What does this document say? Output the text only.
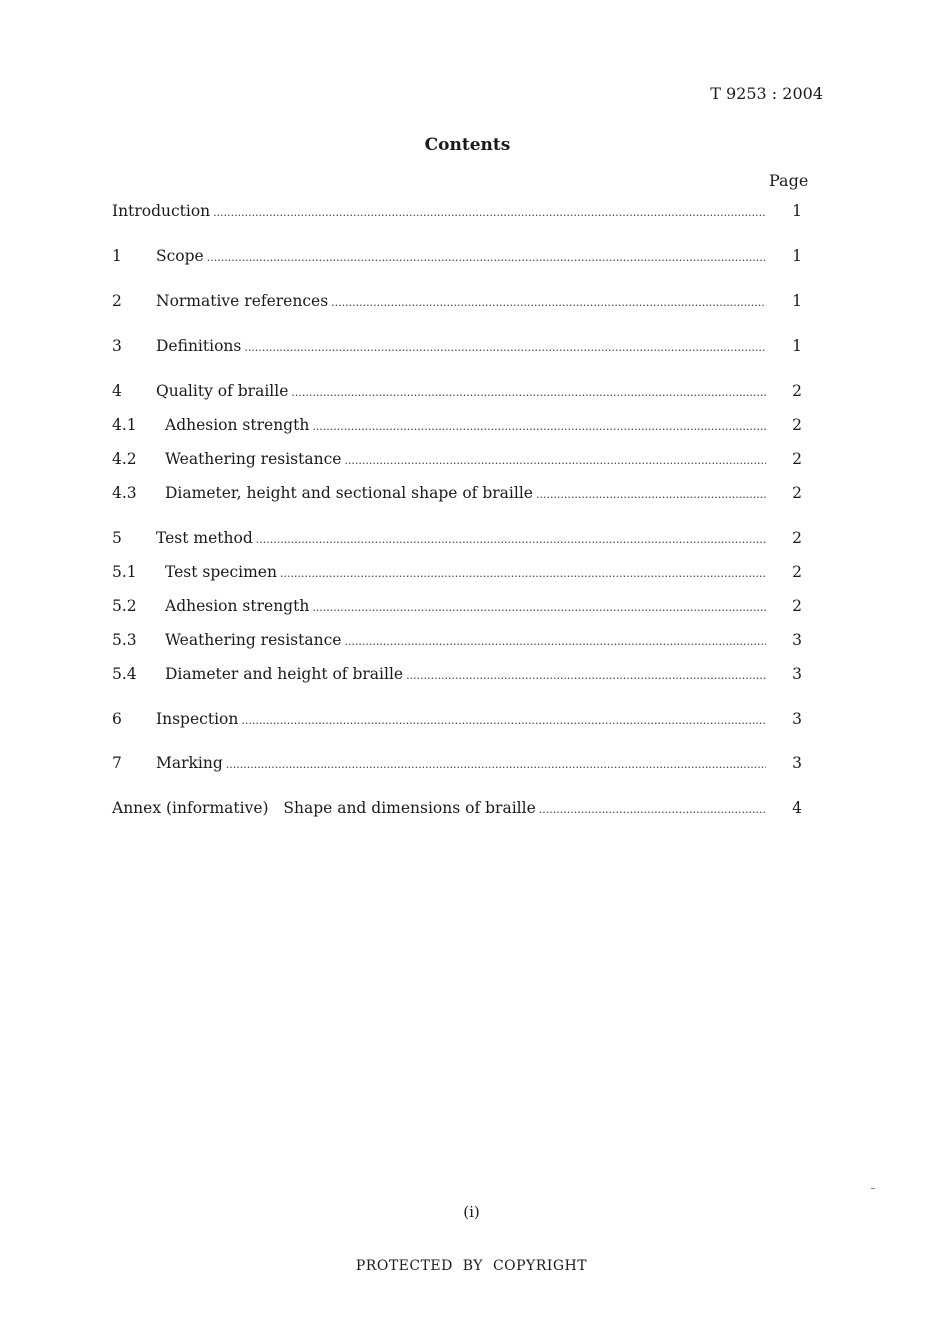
T 9253 : 2004
Contents
Page
Introduction .....	1
1	Scope .....	1
2	Normative references .....	1
3	Definitions .....	1
4	Quality of braille .....	2
4.1	Adhesion strength .....	2
4.2	Weathering resistance .....	2
4.3	Diameter, height and sectional shape of braille .....	2
5	Test method .....	2
5.1	Test specimen .....	2
5.2	Adhesion strength .....	2
5.3	Weathering resistance .....	3
5.4	Diameter and height of braille .....	3
6	Inspection .....	3
7	Marking .....	3
Annex (informative)   Shape and dimensions of braille .....	4
(i)
PROTECTED  BY  COPYRIGHT
